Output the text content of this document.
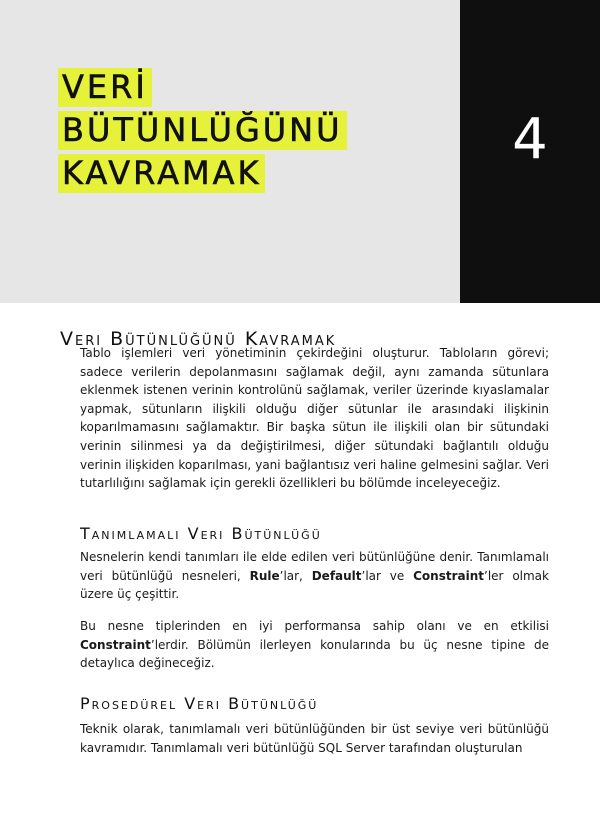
VERİ
BÜTÜNLÜĞÜNÜ
KAVRAMAK
4
Veri Bütünlüğünü Kavramak

Tablo işlemleri veri yönetiminin çekirdeğini oluşturur. Tabloların görevi; sadece verilerin depolanmasını sağlamak değil, aynı zamanda sütunlara eklenmek istenen verinin kontrolünü sağlamak, veriler üzerinde kıyaslamalar yapmak, sütunların ilişkili olduğu diğer sütunlar ile arasındaki ilişkinin koparılmamasını sağlamaktır. Bir başka sütun ile ilişkili olan bir sütundaki verinin silinmesi ya da değiştirilmesi, diğer sütundaki bağlantılı olduğu verinin ilişkiden koparılması, yani bağlantısız veri haline gelmesini sağlar. Veri tutarlılığını sağlamak için gerekli özellikleri bu bölümde inceleyeceğiz.

Tanımlamalı Veri Bütünlüğü

Nesnelerin kendi tanımları ile elde edilen veri bütünlüğüne denir. Tanımlamalı veri bütünlüğü nesneleri, Rule’lar, Default’lar ve Constraint’ler olmak üzere üç çeşittir.

Bu nesne tiplerinden en iyi performansa sahip olanı ve en etkilisi Constraint’lerdir. Bölümün ilerleyen konularında bu üç nesne tipine de detaylıca değineceğiz.

Prosedürel Veri Bütünlüğü

Teknik olarak, tanımlamalı veri bütünlüğünden bir üst seviye veri bütünlüğü kavramıdır. Tanımlamalı veri bütünlüğü SQL Server tarafından oluşturulan
